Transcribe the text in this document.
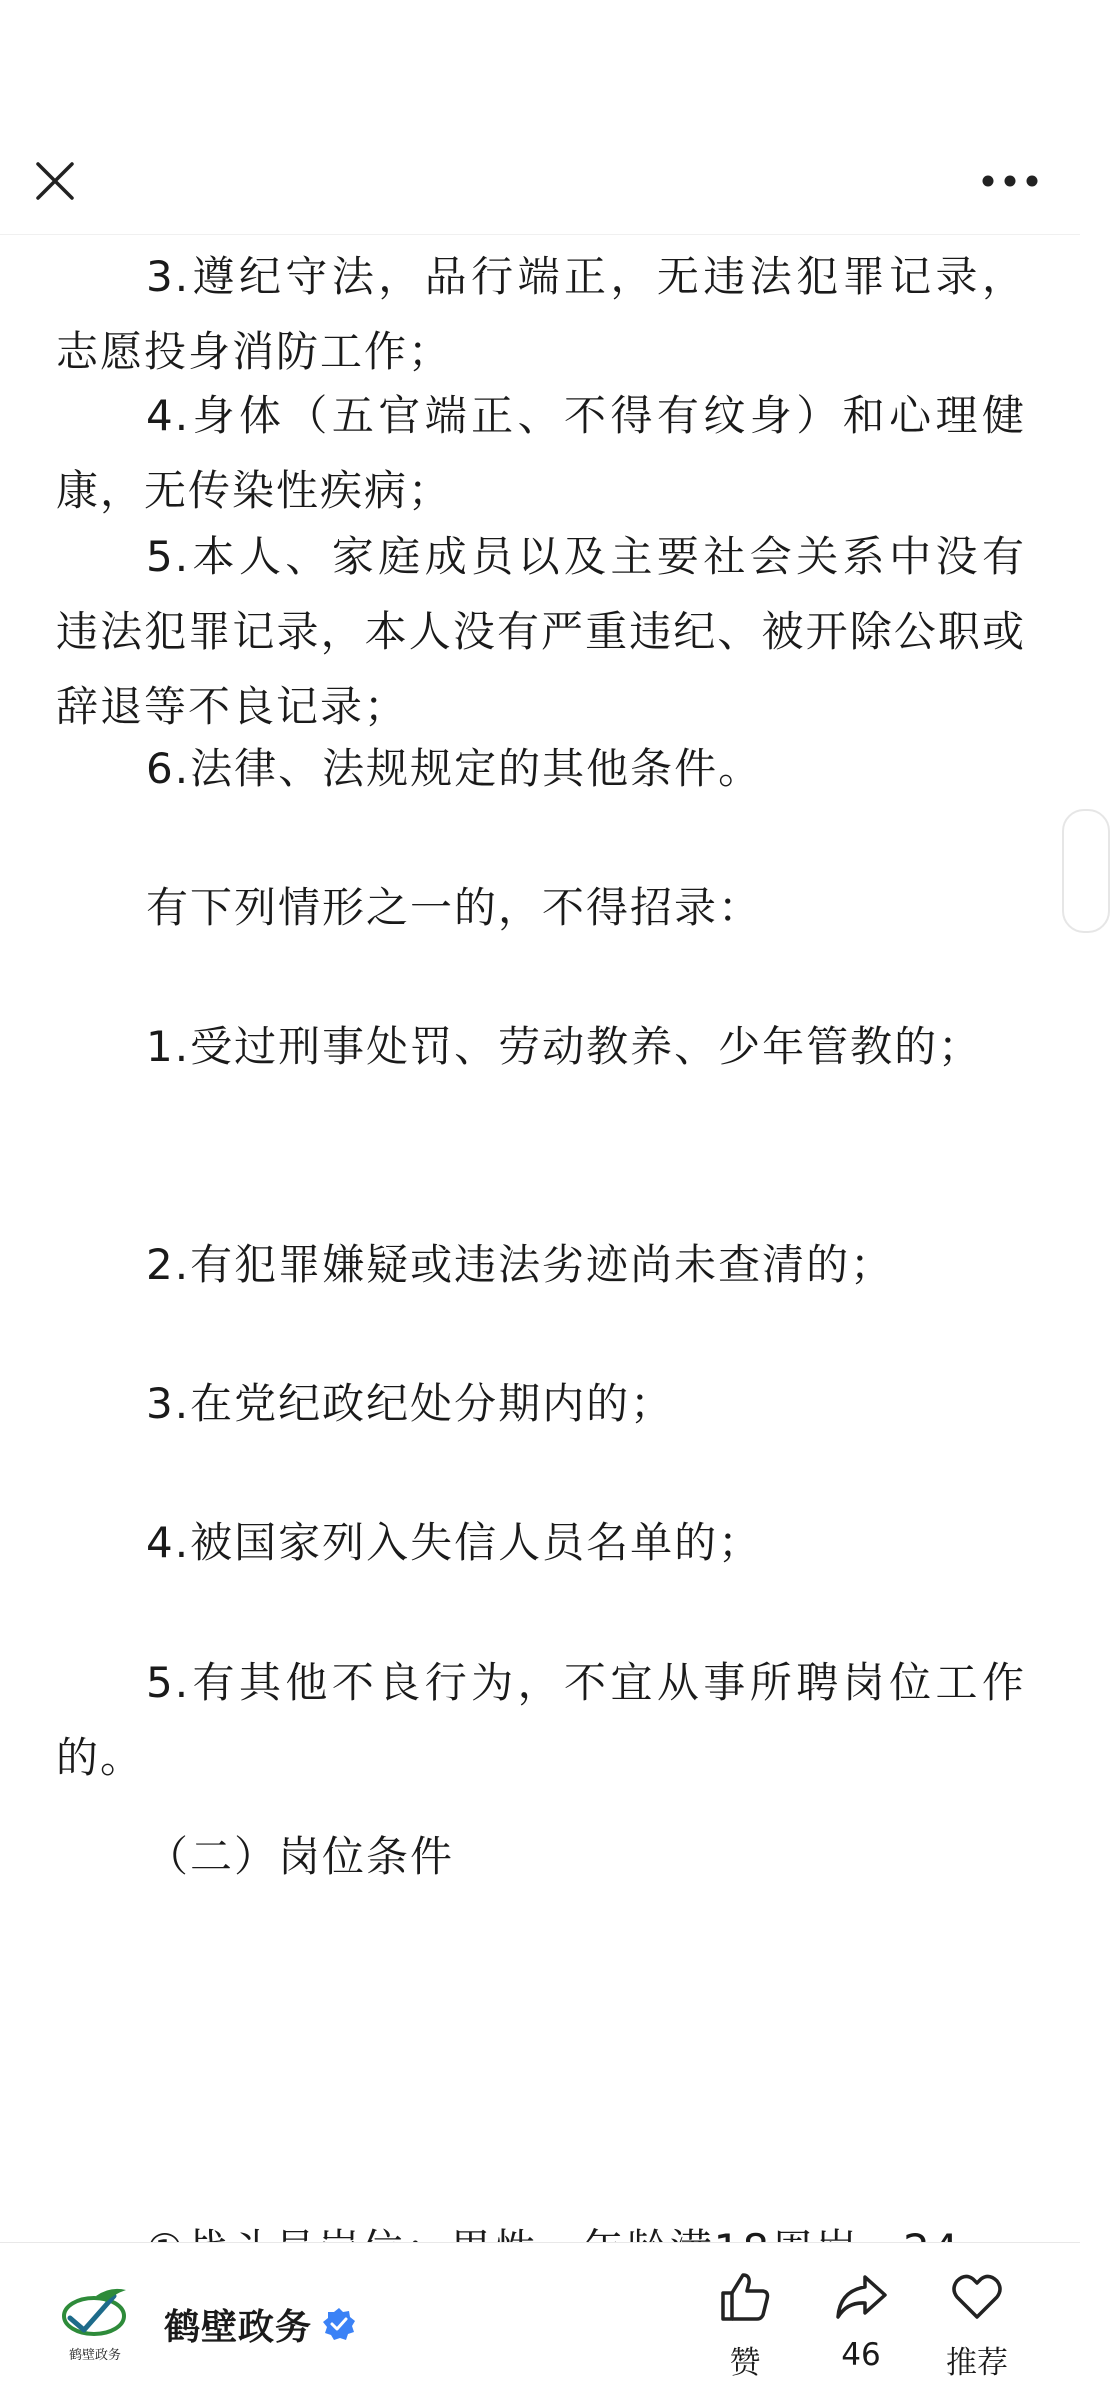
3.遵纪守法，品行端正，无违法犯罪记录，志愿投身消防工作；

4.身体（五官端正、不得有纹身）和心理健康，无传染性疾病；

5.本人、家庭成员以及主要社会关系中没有违法犯罪记录，本人没有严重违纪、被开除公职或辞退等不良记录；

6.法律、法规规定的其他条件。

有下列情形之一的，不得招录：

1.受过刑事处罚、劳动教养、少年管教的；

2.有犯罪嫌疑或违法劣迹尚未查清的；

3.在党纪政纪处分期内的；

4.被国家列入失信人员名单的；

5.有其他不良行为，不宜从事所聘岗位工作的。

（二）岗位条件

鹤壁政务
鹤壁政务
赞	46 推荐
